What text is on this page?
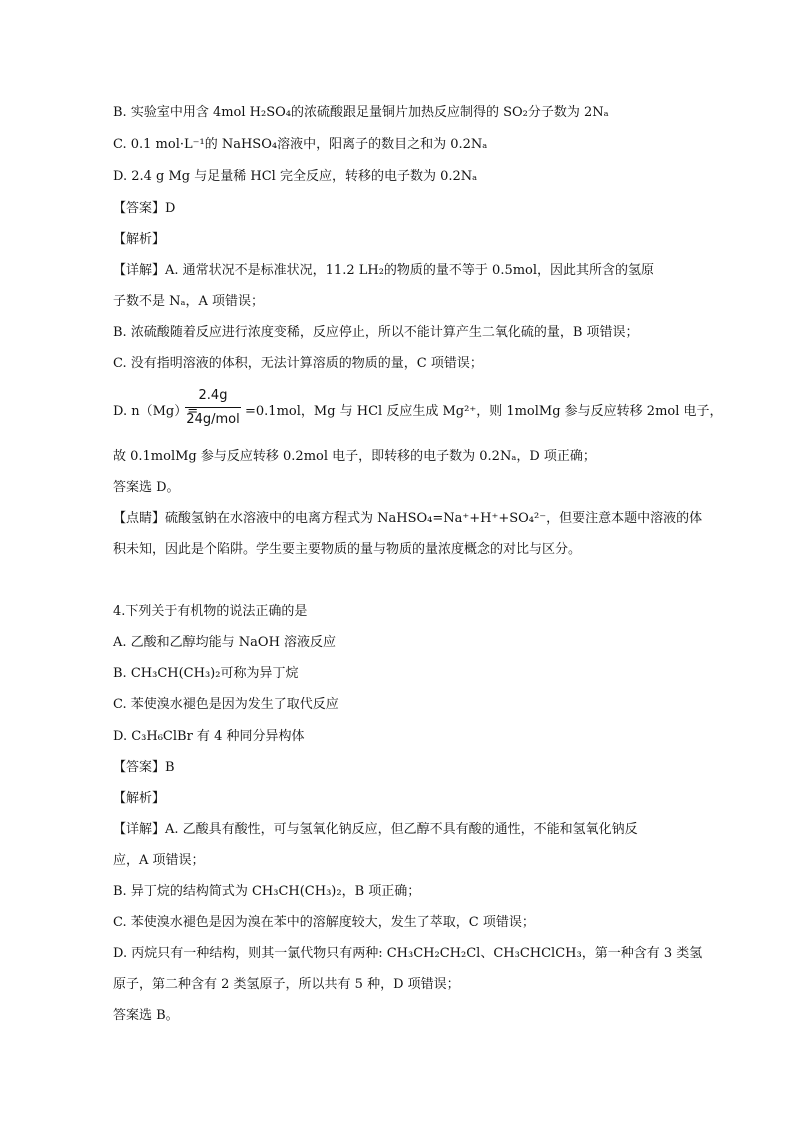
B. 实验室中用含 4mol H₂SO₄的浓硫酸跟足量铜片加热反应制得的 SO₂分子数为 2Nₐ
C. 0.1 mol·L⁻¹的 NaHSO₄溶液中，阳离子的数目之和为 0.2Nₐ
D. 2.4 g Mg 与足量稀 HCl 完全反应，转移的电子数为 0.2Nₐ
【答案】D
【解析】
【详解】A. 通常状况不是标准状况，11.2 LH₂的物质的量不等于 0.5mol，因此其所含的氢原
子数不是 Nₐ，A 项错误；
B. 浓硫酸随着反应进行浓度变稀，反应停止，所以不能计算产生二氧化硫的量，B 项错误；
C. 没有指明溶液的体积，无法计算溶质的物质的量，C 项错误；
D. n（Mg）=
2.4g
24g/mol
=0.1mol，Mg 与 HCl 反应生成 Mg²⁺，则 1molMg 参与反应转移 2mol 电子，
故 0.1molMg 参与反应转移 0.2mol 电子，即转移的电子数为 0.2Nₐ，D 项正确；
答案选 D。
【点睛】硫酸氢钠在水溶液中的电离方程式为 NaHSO₄=Na⁺+H⁺+SO₄²⁻，但要注意本题中溶液的体
积未知，因此是个陷阱。学生要主要物质的量与物质的量浓度概念的对比与区分。
4.下列关于有机物的说法正确的是
A. 乙酸和乙醇均能与 NaOH 溶液反应
B. CH₃CH(CH₃)₂可称为异丁烷
C. 苯使溴水褪色是因为发生了取代反应
D. C₃H₆ClBr 有 4 种同分异构体
【答案】B
【解析】
【详解】A. 乙酸具有酸性，可与氢氧化钠反应，但乙醇不具有酸的通性，不能和氢氧化钠反
应，A 项错误；
B. 异丁烷的结构简式为 CH₃CH(CH₃)₂，B 项正确；
C. 苯使溴水褪色是因为溴在苯中的溶解度较大，发生了萃取，C 项错误；
D. 丙烷只有一种结构，则其一氯代物只有两种: CH₃CH₂CH₂Cl、CH₃CHClCH₃，第一种含有 3 类氢
原子，第二种含有 2 类氢原子，所以共有 5 种，D 项错误；
答案选 B。
